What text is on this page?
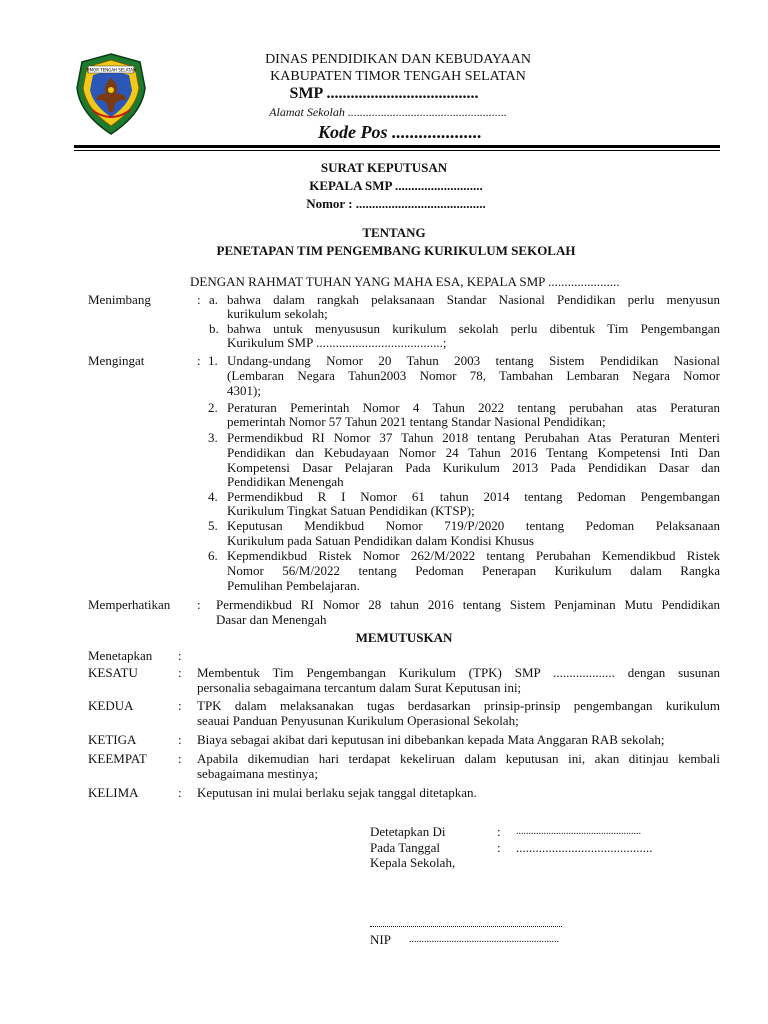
TIMOR TENGAH SELATAN
DINAS PENDIDIKAN DAN KEBUDAYAAN
KABUPATEN TIMOR TENGAH SELATAN
SMP ......................................
Alamat Sekolah .....................................................
Kode Pos ....................
SURAT KEPUTUSAN
KEPALA SMP ...........................
Nomor : ........................................
TENTANG
PENETAPAN TIM PENGEMBANG KURIKULUM SEKOLAH
DENGAN RAHMAT TUHAN YANG MAHA ESA, KEPALA SMP ......................
Menimbang	: a. bahwa dalam rangkah pelaksanaan Standar Nasional Pendidikan perlu menyusun
kurikulum sekolah;
b. bahwa untuk menyususun kurikulum sekolah perlu dibentuk Tim Pengembangan
Kurikulum SMP .......................................;
Mengingat	: 1. Undang-undang Nomor 20 Tahun 2003 tentang Sistem Pendidikan Nasional
(Lembaran Negara Tahun2003 Nomor 78, Tambahan Lembaran Negara Nomor
4301);
2. Peraturan Pemerintah Nomor 4 Tahun 2022 tentang perubahan atas Peraturan
pemerintah Nomor 57 Tahun 2021 tentang Standar Nasional Pendidikan;
3. Permendikbud RI Nomor 37 Tahun 2018 tentang Perubahan Atas Peraturan Menteri
Pendidikan dan Kebudayaan Nomor 24 Tahun 2016 Tentang Kompetensi Inti Dan
Kompetensi Dasar Pelajaran Pada Kurikulum 2013 Pada Pendidikan Dasar dan
Pendidikan Menengah
4. Permendikbud R I Nomor 61 tahun 2014 tentang Pedoman Pengembangan
Kurikulum Tingkat Satuan Pendidikan (KTSP);
5. Keputusan Mendikbud Nomor 719/P/2020 tentang Pedoman Pelaksanaan
Kurikulum pada Satuan Pendidikan dalam Kondisi Khusus
6. Kepmendikbud Ristek Nomor 262/M/2022 tentang Perubahan Kemendikbud Ristek
Nomor 56/M/2022 tentang Pedoman Penerapan Kurikulum dalam Rangka
Pemulihan Pembelajaran.
Memperhatikan : Permendikbud RI Nomor 28 tahun 2016 tentang Sistem Penjaminan Mutu Pendidikan
Dasar dan Menengah
MEMUTUSKAN
Menetapkan :
KESATU	: Membentuk Tim Pengembangan Kurikulum (TPK) SMP ................... dengan susunan
personalia sebagaimana tercantum dalam Surat Keputusan ini;
KEDUA	: TPK dalam melaksanakan tugas berdasarkan prinsip-prinsip pengembangan kurikulum
seauai Panduan Penyusunan Kurikulum Operasional Sekolah;
KETIGA	: Biaya sebagai akibat dari keputusan ini dibebankan kepada Mata Anggaran RAB sekolah;
KEEMPAT : Apabila dikemudian hari terdapat kekeliruan dalam keputusan ini, akan ditinjau kembali
sebagaimana mestinya;
KELIMA	: Keputusan ini mulai berlaku sejak tanggal ditetapkan.
Detetapkan Di	: ..................................................
Pada Tanggal	: ..........................................
Kepala Sekolah,
NIP ............................................................
